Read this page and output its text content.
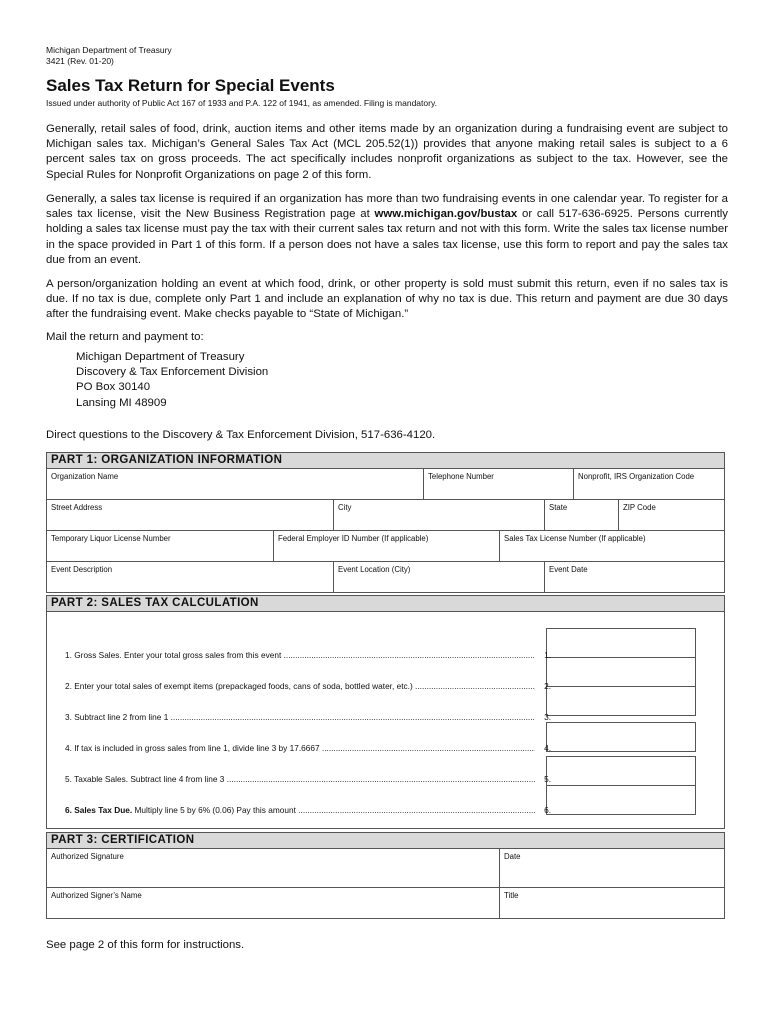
Michigan Department of Treasury
3421 (Rev. 01-20)
Sales Tax Return for Special Events
Issued under authority of Public Act 167 of 1933 and P.A. 122 of 1941, as amended. Filing is mandatory.

Generally, retail sales of food, drink, auction items and other items made by an organization during a fundraising event are subject to Michigan sales tax. Michigan’s General Sales Tax Act (MCL 205.52(1)) provides that anyone making retail sales is subject to a 6 percent sales tax on gross proceeds. The act specifically includes nonprofit organizations as subject to the tax. However, see the Special Rules for Nonprofit Organizations on page 2 of this form.

Generally, a sales tax license is required if an organization has more than two fundraising events in one calendar year. To register for a sales tax license, visit the New Business Registration page at www.michigan.gov/bustax or call 517-636-6925. Persons currently holding a sales tax license must pay the tax with their current sales tax return and not with this form. Write the sales tax license number in the space provided in Part 1 of this form. If a person does not have a sales tax license, use this form to report and pay the sales tax due from an event.

A person/organization holding an event at which food, drink, or other property is sold must submit this return, even if no sales tax is due. If no tax is due, complete only Part 1 and include an explanation of why no tax is due. This return and payment are due 30 days after the fundraising event. Make checks payable to “State of Michigan.”

Mail the return and payment to:
Michigan Department of Treasury
Discovery & Tax Enforcement Division
PO Box 30140
Lansing MI 48909
Direct questions to the Discovery & Tax Enforcement Division, 517-636-4120.
PART 1: ORGANIZATION INFORMATION
Organization Name	Telephone Number	Nonprofit, IRS Organization Code
Street Address	City	State	ZIP Code
Temporary Liquor License Number	Federal Employer ID Number (If applicable)	Sales Tax License Number (If applicable)
Event Description	Event Location (City)	Event Date
PART 2: SALES TAX CALCULATION
1. Gross Sales. Enter your total gross sales from this event .....	1.
2. Enter your total sales of exempt items (prepackaged foods, cans of soda, bottled water, etc.) .....	2.
3. Subtract line 2 from line 1 .....	3.
4. If tax is included in gross sales from line 1, divide line 3 by 17.6667 .....	4.
5. Taxable Sales. Subtract line 4 from line 3 .....	5.
6. Sales Tax Due. Multiply line 5 by 6% (0.06) Pay this amount .....	6.
PART 3: CERTIFICATION
Authorized Signature	Date
Authorized Signer’s Name	Title
See page 2 of this form for instructions.
